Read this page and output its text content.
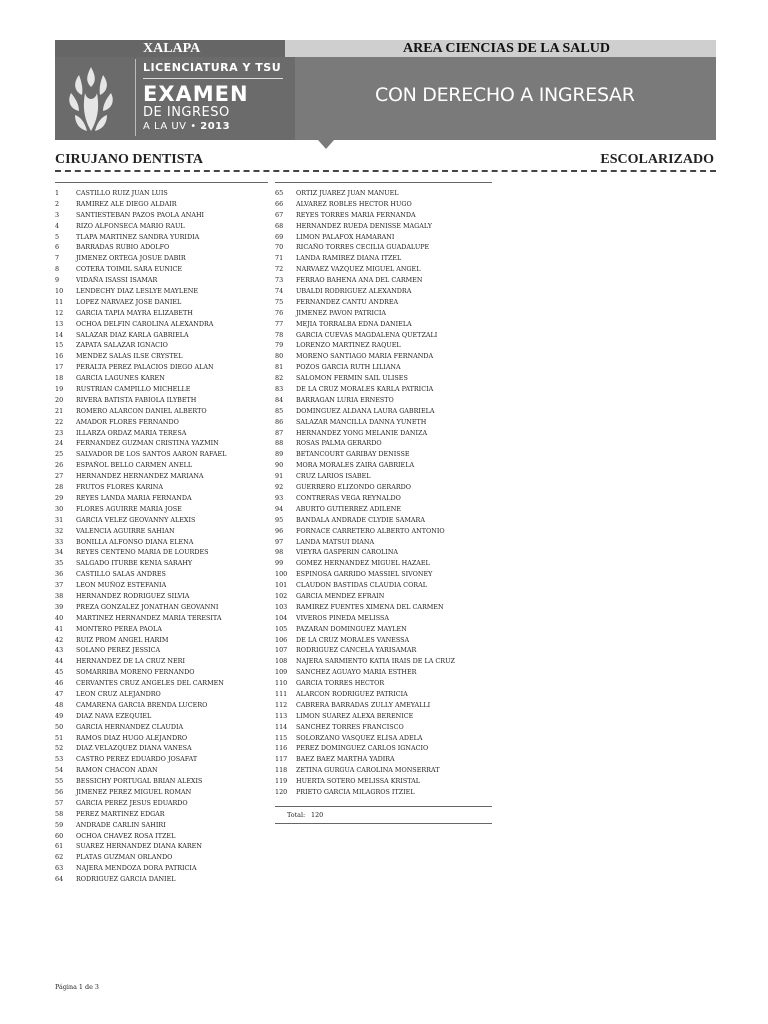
XALAPA	AREA CIENCIAS DE LA SALUD
LICENCIATURA Y TSU
EXAMEN
DE INGRESO
A LA UV • 2013
CON DERECHO A INGRESAR
CIRUJANO DENTISTA	ESCOLARIZADO
1	CASTILLO RUIZ JUAN LUIS
2	RAMIREZ ALE DIEGO ALDAIR
3	SANTIESTEBAN PAZOS PAOLA ANAHI
4	RIZO ALFONSECA MARIO RAUL
5	TLAPA MARTINEZ SANDRA YURIDIA
6	BARRADAS RUBIO ADOLFO
7	JIMENEZ ORTEGA JOSUE DABIR
8	COTERA TOIMIL SARA EUNICE
9	VIDAÑA ISASSI ISAMAR
10	LENDECHY DIAZ LESLYE MAYLENE
11	LOPEZ NARVAEZ JOSE DANIEL
12	GARCIA TAPIA MAYRA ELIZABETH
13	OCHOA DELFIN CAROLINA ALEXANDRA
14	SALAZAR DIAZ KARLA GABRIELA
15	ZAPATA SALAZAR IGNACIO
16	MENDEZ SALAS ILSE CRYSTEL
17	PERALTA PEREZ PALACIOS DIEGO ALAN
18	GARCIA LAGUNES KAREN
19	RUSTRIAN CAMPILLO MICHELLE
20	RIVERA BATISTA FABIOLA ILYBETH
21	ROMERO ALARCON DANIEL ALBERTO
22	AMADOR FLORES FERNANDO
23	ILLARZA ORDAZ MARIA TERESA
24	FERNANDEZ GUZMAN CRISTINA YAZMIN
25	SALVADOR DE LOS SANTOS AARON RAFAEL
26	ESPAÑOL BELLO CARMEN ANELL
27	HERNANDEZ HERNANDEZ MARIANA
28	FRUTOS FLORES KARINA
29	REYES LANDA MARIA FERNANDA
30	FLORES AGUIRRE MARIA JOSE
31	GARCIA VELEZ GEOVANNY ALEXIS
32	VALENCIA AGUIRRE SAHIAN
33	BONILLA ALFONSO DIANA ELENA
34	REYES CENTENO MARIA DE LOURDES
35	SALGADO ITURBE KENIA SARAHY
36	CASTILLO SALAS ANDRES
37	LEON MUÑOZ ESTEFANIA
38	HERNANDEZ RODRIGUEZ SILVIA
39	PREZA GONZALEZ JONATHAN GEOVANNI
40	MARTINEZ HERNANDEZ MARIA TERESITA
41	MONTERO PEREA PAOLA
42	RUIZ PROM ANGEL HARIM
43	SOLANO PEREZ JESSICA
44	HERNANDEZ DE LA CRUZ NERI
45	SOMARRIBA MORENO FERNANDO
46	CERVANTES CRUZ ANGELES DEL CARMEN
47	LEON CRUZ ALEJANDRO
48	CAMARENA GARCIA BRENDA LUCERO
49	DIAZ NAVA EZEQUIEL
50	GARCIA HERNANDEZ CLAUDIA
51	RAMOS DIAZ HUGO ALEJANDRO
52	DIAZ VELAZQUEZ DIANA VANESA
53	CASTRO PEREZ EDUARDO JOSAFAT
54	RAMON CHACON ADAN
55	BESSICHY PORTUGAL BRIAN ALEXIS
56	JIMENEZ PEREZ MIGUEL ROMAN
57	GARCIA PEREZ JESUS EDUARDO
58	PEREZ MARTINEZ EDGAR
59	ANDRADE CARLIN SAHIRI
60	OCHOA CHAVEZ ROSA ITZEL
61	SUAREZ HERNANDEZ DIANA KAREN
62	PLATAS GUZMAN ORLANDO
63	NAJERA MENDOZA DORA PATRICIA
64	RODRIGUEZ GARCIA DANIEL
65	ORTIZ JUAREZ JUAN MANUEL
66	ALVAREZ ROBLES HECTOR HUGO
67	REYES TORRES MARIA FERNANDA
68	HERNANDEZ RUEDA DENISSE MAGALY
69	LIMON PALAFOX HAMARANI
70	RICAÑO TORRES CECILIA GUADALUPE
71	LANDA RAMIREZ DIANA ITZEL
72	NARVAEZ VAZQUEZ MIGUEL ANGEL
73	FERRAO BAHENA ANA DEL CARMEN
74	UBALDI RODRIGUEZ ALEXANDRA
75	FERNANDEZ CANTU ANDREA
76	JIMENEZ PAVON PATRICIA
77	MEJIA TORRALBA EDNA DANIELA
78	GARCIA CUEVAS MAGDALENA QUETZALI
79	LORENZO MARTINEZ RAQUEL
80	MORENO SANTIAGO MARIA FERNANDA
81	POZOS GARCIA RUTH LILIANA
82	SALOMON FERMIN SAIL ULISES
83	DE LA CRUZ MORALES KARLA PATRICIA
84	BARRAGAN LURIA ERNESTO
85	DOMINGUEZ ALDANA LAURA GABRIELA
86	SALAZAR MANCILLA DANNA YUNETH
87	HERNANDEZ YONG MELANIE DANIZA
88	ROSAS PALMA GERARDO
89	BETANCOURT GARIBAY DENISSE
90	MORA MORALES ZAIRA GABRIELA
91	CRUZ LARIOS ISABEL
92	GUERRERO ELIZONDO GERARDO
93	CONTRERAS VEGA REYNALDO
94	ABURTO GUTIERREZ ADILENE
95	BANDALA ANDRADE CLYDIE SAMARA
96	FORNACE CARRETERO ALBERTO ANTONIO
97	LANDA MATSUI DIANA
98	VIEYRA GASPERIN CAROLINA
99	GOMEZ HERNANDEZ MIGUEL HAZAEL
100	ESPINOSA GARRIDO MASSIEL SIVONEY
101	CLAUDON BASTIDAS CLAUDIA CORAL
102	GARCIA MENDEZ EFRAIN
103	RAMIREZ FUENTES XIMENA DEL CARMEN
104	VIVEROS PINEDA MELISSA
105	PAZARAN DOMINGUEZ MAYLEN
106	DE LA CRUZ MORALES VANESSA
107	RODRIGUEZ CANCELA YARISAMAR
108	NAJERA SARMIENTO KATIA IRAIS DE LA CRUZ
109	SANCHEZ AGUAYO MARIA ESTHER
110	GARCIA TORRES HECTOR
111	ALARCON RODRIGUEZ PATRICIA
112	CABRERA BARRADAS ZULLY AMEYALLI
113	LIMON SUAREZ ALEXA BERENICE
114	SANCHEZ TORRES FRANCISCO
115	SOLORZANO VASQUEZ ELISA ADELA
116	PEREZ DOMINGUEZ CARLOS IGNACIO
117	BAEZ BAEZ MARTHA YADIRA
118	ZETINA GURGUA CAROLINA MONSERRAT
119	HUERTA SOTERO MELISSA KRISTAL
120	PRIETO GARCIA MILAGROS ITZIEL
Total: 120
Página 1 de 3
